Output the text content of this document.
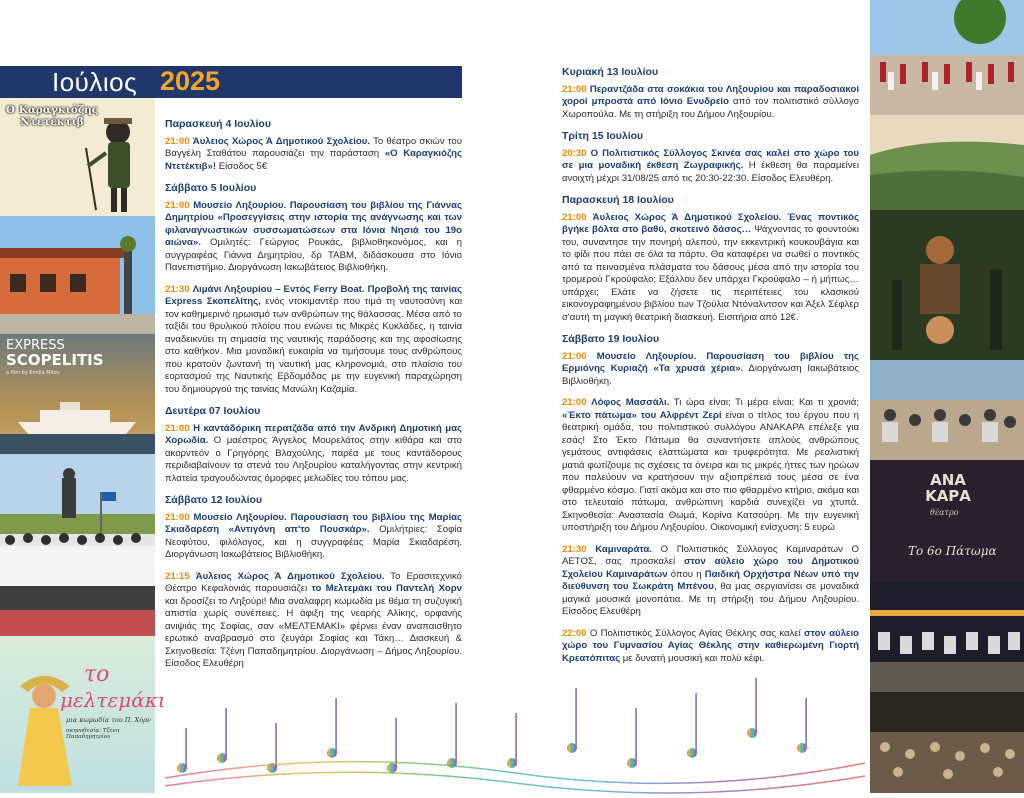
Ο Καραγκιόζης Ντετέκτιβ
EXPRESS
SCOPELITIS
a film by Emilia Milou
το
μελτεμάκι
μια κωμωδία του Π. Χόρν
σκηνοθεσία: Τζένη Παπαδημητρίου
Ιούλιος 2025
Παρασκευή 4 Ιουλίου
21:00 Άυλειος Χώρος Ά Δημοτικού Σχολείου. Το θέατρο σκιών του Βαγγέλη Σταθάτου παρουσιάζει την παράσταση «Ο Καραγκιόζης Ντετέκτιβ»! Είσοδος 5€
Σάββατο 5 Ιουλίου
21:00 Μουσείο Ληξουρίου. Παρουσίαση του βιβλίου της Γιάννας Δημητρίου «Προσεγγίσεις στην ιστορία της ανάγνωσης και των φιλαναγνωστικών συσσωματώσεων στα Ιόνια Νησιά του 19ο αιώνα». Ομιλητές: Γεώργιος Ρουκάς, βιβλιοθηκονόμος, και η συγγραφέας Γιάννα Δημητρίου, δρ ΤΑΒΜ, διδάσκουσα στο Ιόνιο Πανεπιστήμιο. Διοργάνωση Ιακωβάτειος Βιβλιοθήκη.
21:30 Λιμάνι Ληξουρίου – Εντός Ferry Boat. Προβολή της ταινίας Express Σκοπελίτης, ενός ντοκιμαντέρ που τιμά τη ναυτοσύνη και τον καθημερινό ηρωισμό των ανθρώπων της θάλασσας. Μέσα από το ταξίδι του θρυλικού πλοίου που ενώνει τις Μικρές Κυκλάδες, η ταινία αναδεικνύει τη σημασία της ναυτικής παράδοσης και της αφοσίωσης στο καθήκον. Μια μοναδική ευκαιρία να τιμήσουμε τους ανθρώπους που κρατούν ζωντανή τη ναυτική μας κληρονομιά, στο πλαίσιο του εορτασμού της Ναυτικής Εβδομάδας με την ευγενική παραχώρηση του δημιουργού της ταινίας Μανώλη Καζαμία.
Δευτέρα 07 Ιουλίου
21:00 Η καντάδόρικη περατζάδα από την Ανδρική Δημοτική μας Χορωδία. Ο μαέστρος Άγγελος Μουρελάτος στην κιθάρα και στο ακορντεόν ο Γρηγόρης Βλαχούλης, παρέα με τους καντάδορους περιδιαβαίνουν τα στενά του Ληξουρίου καταλήγοντας στην κεντρική πλατεία τραγουδώντας όμορφες μελωδίες του τόπου μας.
Σάββατο 12 Ιουλίου
21:00 Μουσείο Ληξουρίου. Παρουσίαση του βιβλίου της Μαρίας Σκιαδαρέση «Αντιγόνη απ'το Πουσκάρ». Ομιλήτριες: Σοφία Νεοφύτου, φιλόλογος, και η συγγραφέας Μαρία Σκιαδαρέση. Διοργάνωση Ιακωβάτειος Βιβλιοθήκη.
21:15 Άυλειος Χώρος Ά Δημοτικού Σχολείου. Το Ερασιτεχνικό Θέατρο Κεφαλονιάς παρουσιάζει το Μελτεμάκι του Παντελή Χορν και δροσίζει το Ληξούρι! Μια αναλαφρη κωμωδία με θέμα τη συζυγική απιστία χωρίς συνέπειες. Η άφιξη της νεαρής Αλίκης, ορφανής ανιψιάς της Σοφίας, σαν «ΜΕΛΤΕΜΑΚΙ» φέρνει έναν αναπαισθητο ερωτικό αναβρασμό στο ζευγάρι Σοφίας και Τάκη… Διασκευή & Σκηνοθεσία: Τζένη Παπαδημητρίου. Διοργάνωση – Δήμος Ληξουρίου. Είσοδος Ελευθέρη
Κυριακή 13 Ιουλίου
21:00 Περαντζάδα στα σοκάκια του Ληξουρίου και παραδοσιακοί χοροί μπροστά από Ιόνιο Ενυδρείο από τον πολιτιστικό σύλλογο Χωροπούλα. Με τη στήριξη του Δήμου Ληξουρίου.
Τρίτη 15 Ιουλίου
20:30 Ο Πολιτιστικός Σύλλογος Σκινέα σας καλεί στο χώρο του σε μια μοναδική έκθεση Ζωγραφικής. Η έκθεση θα παραμείνει ανοιχτή μέχρι 31/08/25 από τις 20:30-22:30. Είσοδος Ελευθέρη.
Παρασκευή 18 Ιουλίου
21:00 Άυλειος Χώρος Ά Δημοτικού Σχολείου. Ένας ποντικός βγήκε βόλτα στο βαθύ, σκοτεινό δάσος… Ψάχνοντας το φουντούκι του, συναντησε την πονηρή αλεπού, την εκκεντρική κουκουβάγια και το φίδι που πάει σε όλα τα πάρτυ. Θα καταφέρει να σωθεί ο ποντικός από τα πεινασμένα πλάσματα του δάσους μέσα από την ιστορία του τρομερού Γκρούφαλο; Εξάλλου δεν υπάρχει Γκρούφαλο – ή μήπως… υπάρχει; Ελάτε να ζήσετε τις περιπέτειες του κλασικού εικονογραφημένου βιβλίου των Τζούλια Ντόναλντσον και Άξελ Σέφλερ σ'αυτή τη μαγική θεατρική διασκευή. Εισιτήρια από 12€.
Σάββατο 19 Ιουλίου
21:00 Μουσείο Ληξουρίου. Παρουσίαση του βιβλίου της Ερμιόνης Κυριαζή «Τα χρυσά χέρια». Διοργάνωση Ιακωβάτειος Βιβλιοθήκη.
21:00 Λόφος Μασσάλι. Τι ώρα είναι; Τι μέρα είναι; Και τι χρονιά; «Έκτο πάτωμα» του Αλφρέντ Ζερί είναι ο τίτλος του έργου που η θεατρική ομάδα, του πολιτιστικού συλλόγου ΑΝΑΚΑΡΑ επέλεξε για εσάς! Στο Έκτο Πάτωμα θα συναντήσετε απλούς ανθρώπους γεμάτους αντιφάσεις ελαττώματα και τρυφερότητα. Με ρεαλιστική ματιά φωτίζουμε τις σχέσεις τα όνειρα και τις μικρές ήττες των ηρώων που παλεύουν να κρατήσουν την αξιοπρέπειά τους μέσα σε ένα φθαρμένο κόσμο. Γιατί ακόμα και στο πιο φθαρμένο κτήριο, ακόμα και στο τελευταίο πάτωμα, ανθρώπινη καρδιά συνεχίζει να χτυπά. Σκηνοθεσία: Αναστασία Θωμά, Κορίνα Κατσούρη. Με την ευγενική υποστήριξη του Δήμου Ληξουρίου. Οικονομική ενίσχυση: 5 ευρώ
21:30 Καμιναράτα. Ο Πολιτιστικός Σύλλογος Καμιναράτων Ο ΑΕΤΟΣ, σας προσκαλεί στον αύλειο χώρο του Δημοτικού Σχολείου Καμιναράτων όπου η Παιδική Ορχήστρα Νέων υπό την διεύθυνση του Σωκράτη Μπένου, θα μας σεργιανίσει σε μοναδικά μαγικά μουσικά μονοπάτια. Με τη στήριξη του Δήμου Ληξουρίου. Είσοδος Ελευθέρη
22:00 Ο Πολιτιστικός Σύλλογος Αγίας Θέκλης σας καλεί στον αύλειο χώρο του Γυμνασίου Αγίας Θέκλης στην καθιερωμένη Γιορτή Κρεατόπιτας με δυνατή μουσική και πολύ κέφι.
ΑΝΑ ΚΑΡΑ
θέατρο
Το 6ο Πάτωμα
